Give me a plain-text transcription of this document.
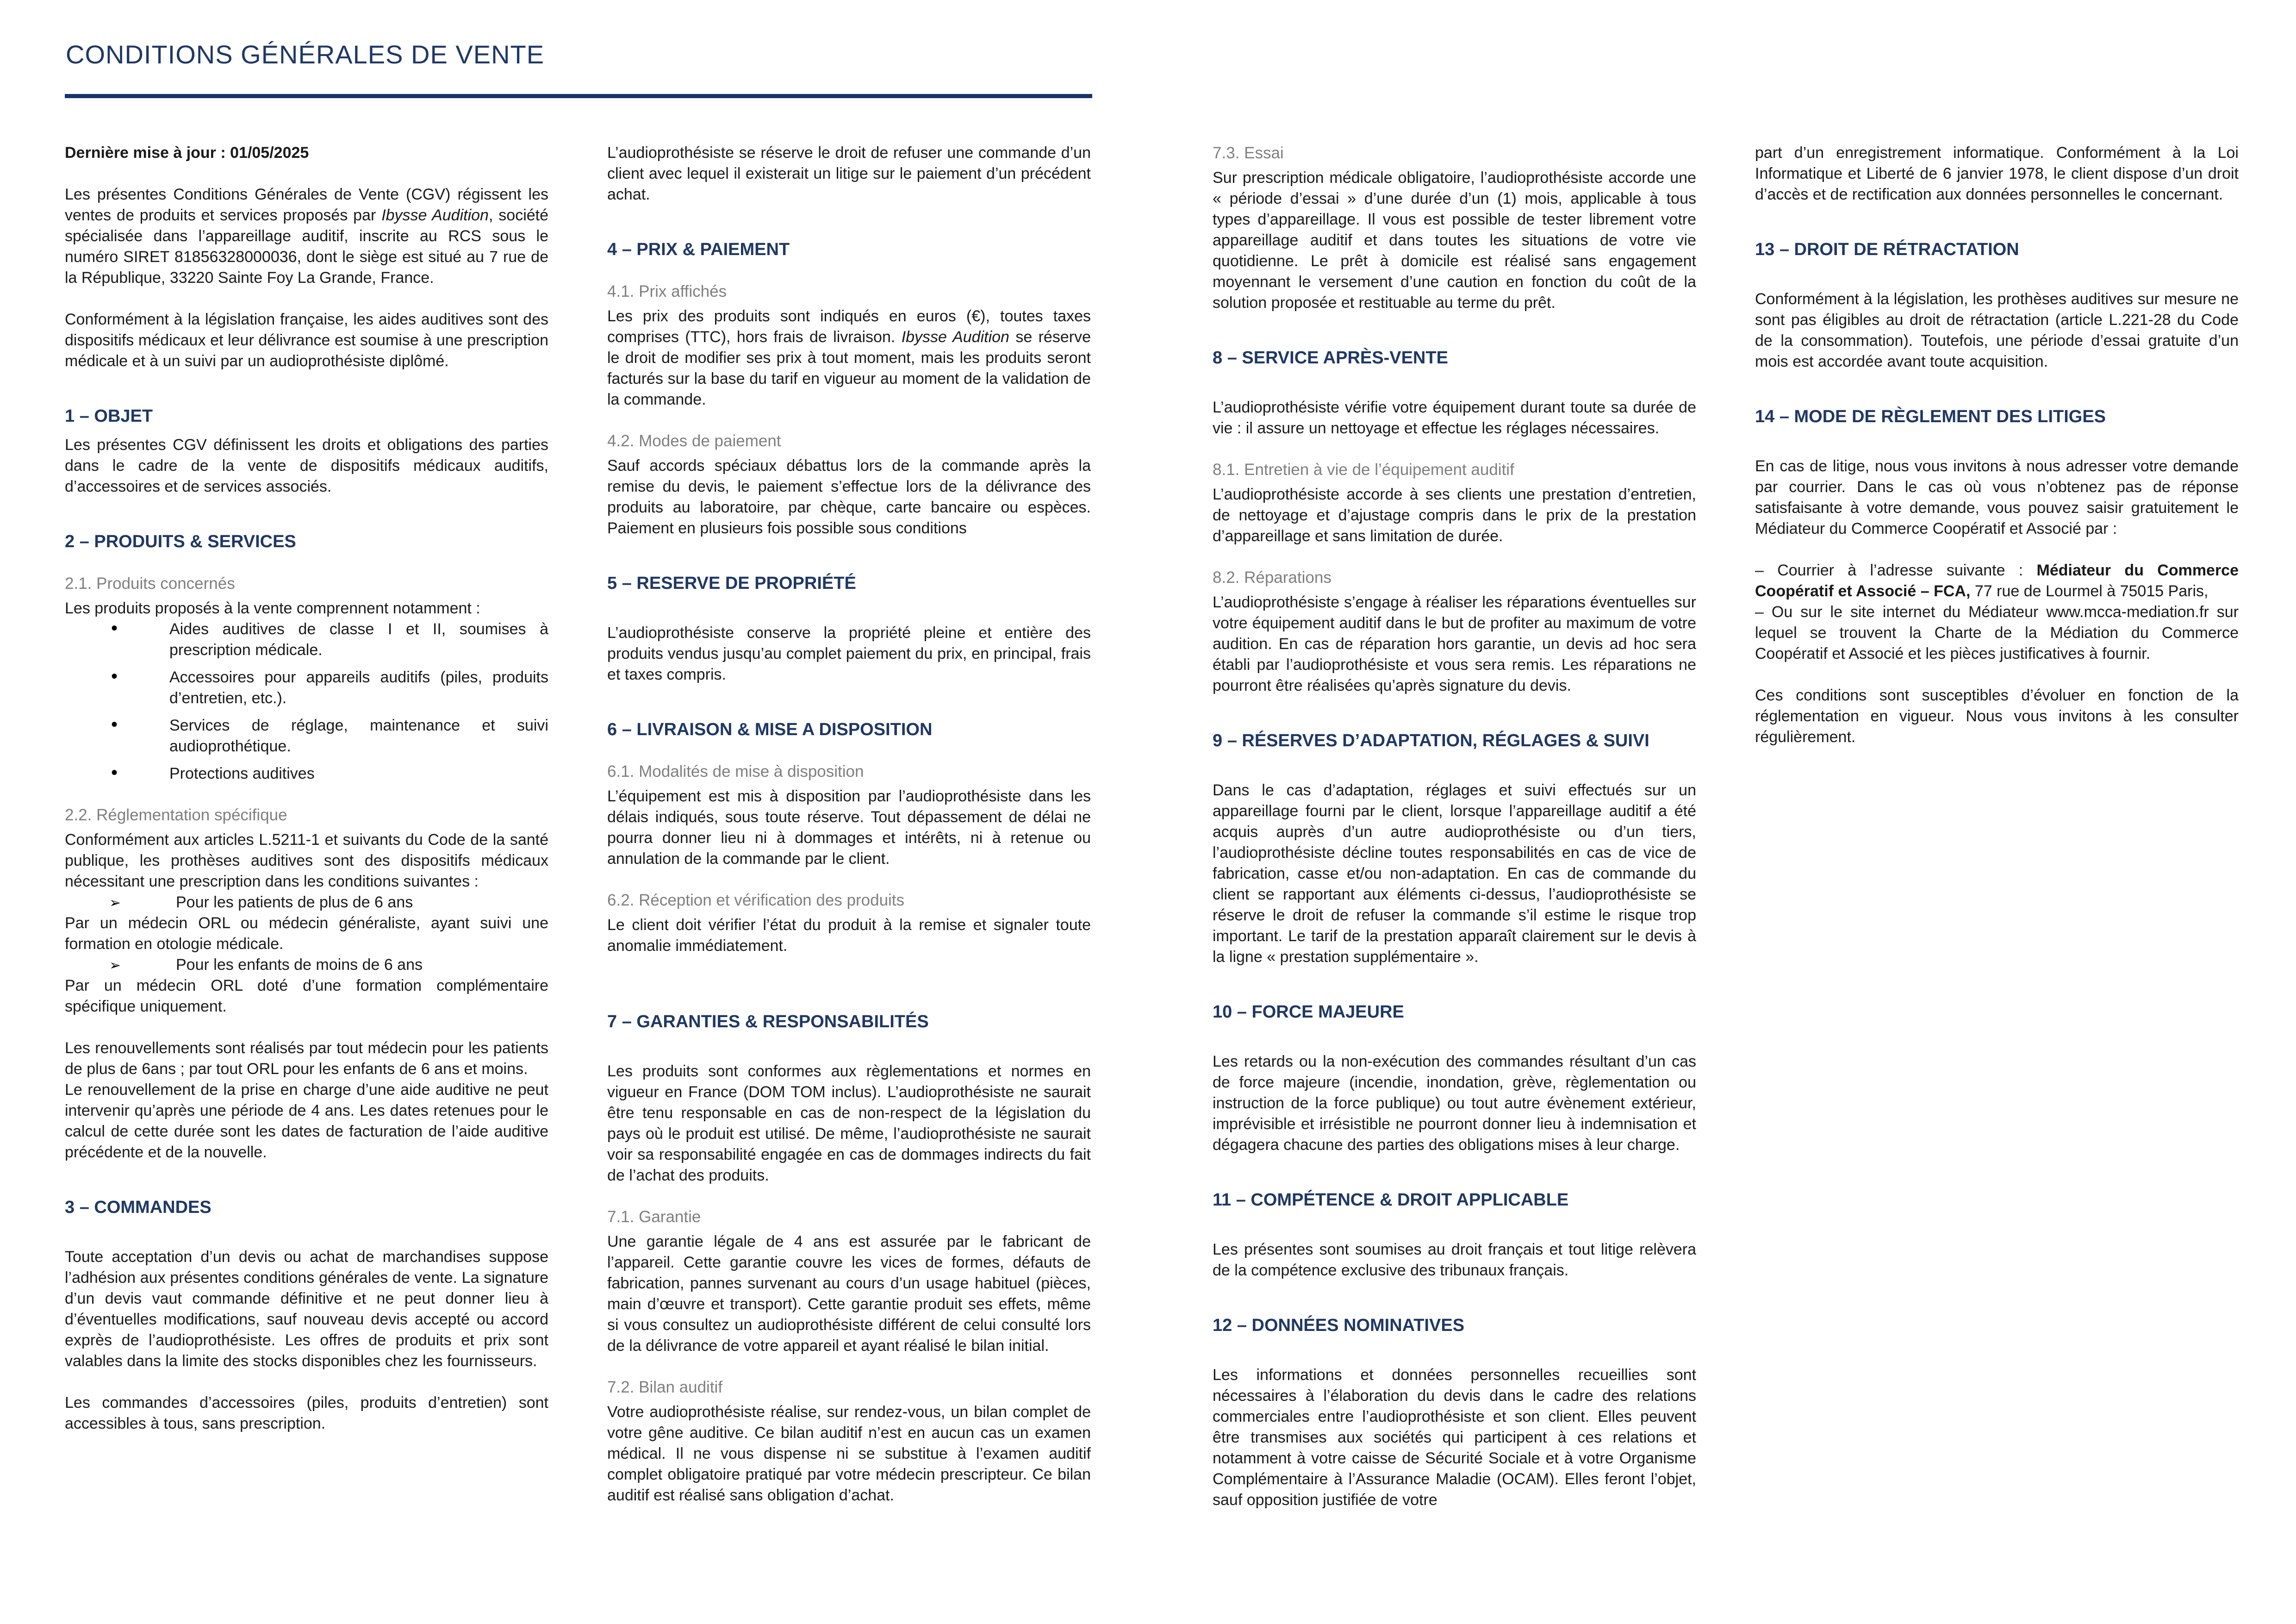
CONDITIONS GÉNÉRALES DE VENTE
Dernière mise à jour : 01/05/2025
Les présentes Conditions Générales de Vente (CGV) régissent les ventes de produits et services proposés par Ibysse Audition, société spécialisée dans l’appareillage auditif, inscrite au RCS sous le numéro SIRET 81856328000036, dont le siège est situé au 7 rue de la République, 33220 Sainte Foy La Grande, France.
Conformément à la législation française, les aides auditives sont des dispositifs médicaux et leur délivrance est soumise à une prescription médicale et à un suivi par un audioprothésiste diplômé.
1 – OBJET
Les présentes CGV définissent les droits et obligations des parties dans le cadre de la vente de dispositifs médicaux auditifs, d’accessoires et de services associés.
2 – PRODUITS & SERVICES
2.1. Produits concernés
Les produits proposés à la vente comprennent notamment :
• Aides auditives de classe I et II, soumises à prescription médicale.
• Accessoires pour appareils auditifs (piles, produits d’entretien, etc.).
• Services de réglage, maintenance et suivi audioprothétique.
• Protections auditives
2.2. Réglementation spécifique
Conformément aux articles L.5211-1 et suivants du Code de la santé publique, les prothèses auditives sont des dispositifs médicaux nécessitant une prescription dans les conditions suivantes :
➢ Pour les patients de plus de 6 ans
Par un médecin ORL ou médecin généraliste, ayant suivi une formation en otologie médicale.
➢ Pour les enfants de moins de 6 ans
Par un médecin ORL doté d’une formation complémentaire spécifique uniquement.
Les renouvellements sont réalisés par tout médecin pour les patients de plus de 6ans ; par tout ORL pour les enfants de 6 ans et moins.
Le renouvellement de la prise en charge d’une aide auditive ne peut intervenir qu’après une période de 4 ans. Les dates retenues pour le calcul de cette durée sont les dates de facturation de l’aide auditive précédente et de la nouvelle.
3 – COMMANDES
Toute acceptation d’un devis ou achat de marchandises suppose l’adhésion aux présentes conditions générales de vente. La signature d’un devis vaut commande définitive et ne peut donner lieu à d’éventuelles modifications, sauf nouveau devis accepté ou accord exprès de l’audioprothésiste. Les offres de produits et prix sont valables dans la limite des stocks disponibles chez les fournisseurs.
Les commandes d’accessoires (piles, produits d’entretien) sont accessibles à tous, sans prescription.
L’audioprothésiste se réserve le droit de refuser une commande d’un client avec lequel il existerait un litige sur le paiement d’un précédent achat.
4 – PRIX & PAIEMENT
4.1. Prix affichés
Les prix des produits sont indiqués en euros (€), toutes taxes comprises (TTC), hors frais de livraison. Ibysse Audition se réserve le droit de modifier ses prix à tout moment, mais les produits seront facturés sur la base du tarif en vigueur au moment de la validation de la commande.
4.2. Modes de paiement
Sauf accords spéciaux débattus lors de la commande après la remise du devis, le paiement s’effectue lors de la délivrance des produits au laboratoire, par chèque, carte bancaire ou espèces. Paiement en plusieurs fois possible sous conditions
5 – RESERVE DE PROPRIÉTÉ
L’audioprothésiste conserve la propriété pleine et entière des produits vendus jusqu’au complet paiement du prix, en principal, frais et taxes compris.
6 – LIVRAISON & MISE A DISPOSITION
6.1. Modalités de mise à disposition
L’équipement est mis à disposition par l’audioprothésiste dans les délais indiqués, sous toute réserve. Tout dépassement de délai ne pourra donner lieu ni à dommages et intérêts, ni à retenue ou annulation de la commande par le client.
6.2. Réception et vérification des produits
Le client doit vérifier l’état du produit à la remise et signaler toute anomalie immédiatement.
7 – GARANTIES & RESPONSABILITÉS
Les produits sont conformes aux règlementations et normes en vigueur en France (DOM TOM inclus). L’audioprothésiste ne saurait être tenu responsable en cas de non-respect de la législation du pays où le produit est utilisé. De même, l’audioprothésiste ne saurait voir sa responsabilité engagée en cas de dommages indirects du fait de l’achat des produits.
7.1. Garantie
Une garantie légale de 4 ans est assurée par le fabricant de l’appareil. Cette garantie couvre les vices de formes, défauts de fabrication, pannes survenant au cours d’un usage habituel (pièces, main d’œuvre et transport). Cette garantie produit ses effets, même si vous consultez un audioprothésiste différent de celui consulté lors de la délivrance de votre appareil et ayant réalisé le bilan initial.
7.2. Bilan auditif
Votre audioprothésiste réalise, sur rendez-vous, un bilan complet de votre gêne auditive. Ce bilan auditif n’est en aucun cas un examen médical. Il ne vous dispense ni se substitue à l’examen auditif complet obligatoire pratiqué par votre médecin prescripteur. Ce bilan auditif est réalisé sans obligation d’achat.
7.3. Essai
Sur prescription médicale obligatoire, l’audioprothésiste accorde une « période d’essai » d’une durée d’un (1) mois, applicable à tous types d’appareillage. Il vous est possible de tester librement votre appareillage auditif et dans toutes les situations de votre vie quotidienne. Le prêt à domicile est réalisé sans engagement moyennant le versement d’une caution en fonction du coût de la solution proposée et restituable au terme du prêt.
8 – SERVICE APRÈS-VENTE
L’audioprothésiste vérifie votre équipement durant toute sa durée de vie : il assure un nettoyage et effectue les réglages nécessaires.
8.1. Entretien à vie de l’équipement auditif
L’audioprothésiste accorde à ses clients une prestation d’entretien, de nettoyage et d’ajustage compris dans le prix de la prestation d’appareillage et sans limitation de durée.
8.2. Réparations
L’audioprothésiste s’engage à réaliser les réparations éventuelles sur votre équipement auditif dans le but de profiter au maximum de votre audition. En cas de réparation hors garantie, un devis ad hoc sera établi par l’audioprothésiste et vous sera remis. Les réparations ne pourront être réalisées qu’après signature du devis.
9 – RÉSERVES D’ADAPTATION, RÉGLAGES & SUIVI
Dans le cas d’adaptation, réglages et suivi effectués sur un appareillage fourni par le client, lorsque l’appareillage auditif a été acquis auprès d’un autre audioprothésiste ou d’un tiers, l’audioprothésiste décline toutes responsabilités en cas de vice de fabrication, casse et/ou non-adaptation. En cas de commande du client se rapportant aux éléments ci-dessus, l’audioprothésiste se réserve le droit de refuser la commande s’il estime le risque trop important. Le tarif de la prestation apparaît clairement sur le devis à la ligne « prestation supplémentaire ».
10 – FORCE MAJEURE
Les retards ou la non-exécution des commandes résultant d’un cas de force majeure (incendie, inondation, grève, règlementation ou instruction de la force publique) ou tout autre évènement extérieur, imprévisible et irrésistible ne pourront donner lieu à indemnisation et dégagera chacune des parties des obligations mises à leur charge.
11 – COMPÉTENCE & DROIT APPLICABLE
Les présentes sont soumises au droit français et tout litige relèvera de la compétence exclusive des tribunaux français.
12 – DONNÉES NOMINATIVES
Les informations et données personnelles recueillies sont nécessaires à l’élaboration du devis dans le cadre des relations commerciales entre l’audioprothésiste et son client. Elles peuvent être transmises aux sociétés qui participent à ces relations et notamment à votre caisse de Sécurité Sociale et à votre Organisme Complémentaire à l’Assurance Maladie (OCAM). Elles feront l’objet, sauf opposition justifiée de votre
part d’un enregistrement informatique. Conformément à la Loi Informatique et Liberté de 6 janvier 1978, le client dispose d’un droit d’accès et de rectification aux données personnelles le concernant.
13 – DROIT DE RÉTRACTATION
Conformément à la législation, les prothèses auditives sur mesure ne sont pas éligibles au droit de rétractation (article L.221-28 du Code de la consommation). Toutefois, une période d’essai gratuite d’un mois est accordée avant toute acquisition.
14 – MODE DE RÈGLEMENT DES LITIGES
En cas de litige, nous vous invitons à nous adresser votre demande par courrier. Dans le cas où vous n’obtenez pas de réponse satisfaisante à votre demande, vous pouvez saisir gratuitement le Médiateur du Commerce Coopératif et Associé par :
– Courrier à l’adresse suivante : Médiateur du Commerce Coopératif et Associé – FCA, 77 rue de Lourmel à 75015 Paris,
– Ou sur le site internet du Médiateur www.mcca-mediation.fr sur lequel se trouvent la Charte de la Médiation du Commerce Coopératif et Associé et les pièces justificatives à fournir.
Ces conditions sont susceptibles d’évoluer en fonction de la réglementation en vigueur. Nous vous invitons à les consulter régulièrement.
